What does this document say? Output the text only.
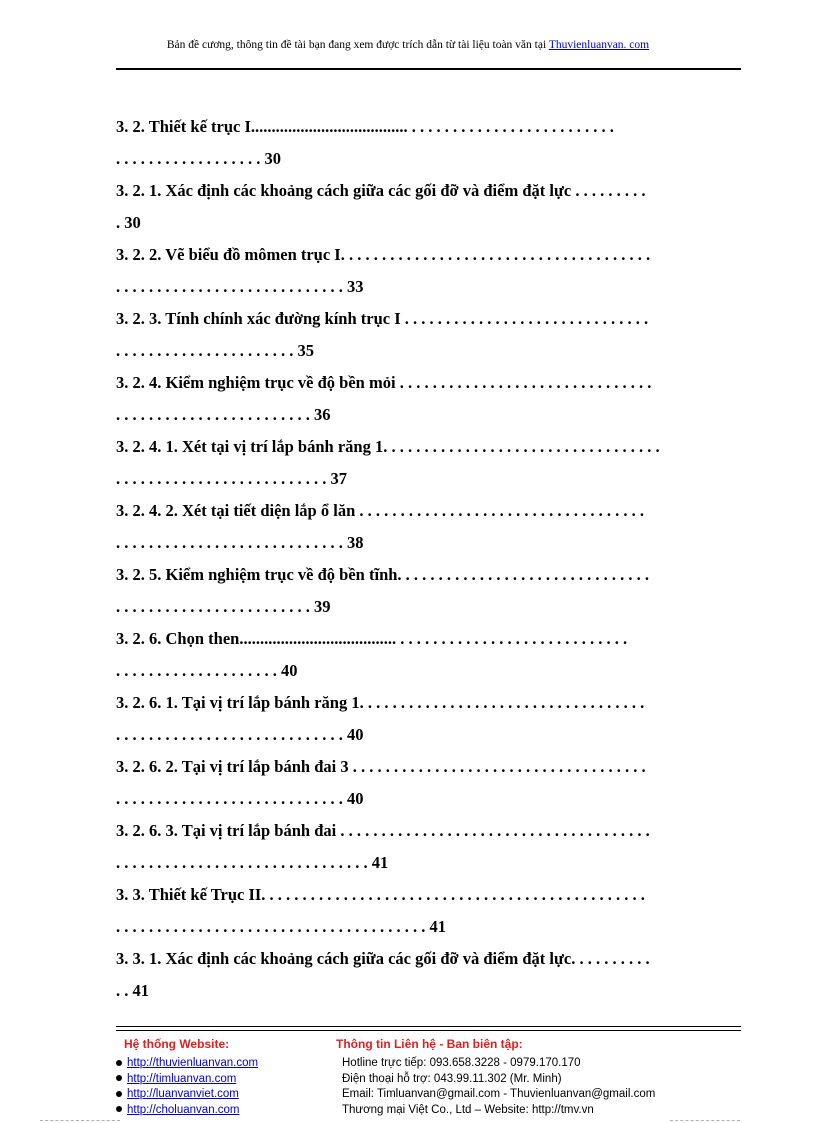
Bản đề cương, thông tin đề tài bạn đang xem được trích dẫn từ tài liệu toàn văn tại Thuvienluanvan. com
3. 2. Thiết kế trục I...................................... . . . . . . . . . . . . . . . . . . . . . . . . .
. . . . . . . . . . . . . . . . . . 30
3. 2. 1. Xác định các khoảng cách giữa các gối đỡ và điểm đặt lực . . . . . . . . .
. 30
3. 2. 2. Vẽ biểu đồ mômen trục I. . . . . . . . . . . . . . . . . . . . . . . . . . . . . . . . . . . . . .
. . . . . . . . . . . . . . . . . . . . . . . . . . . . 33
3. 2. 3. Tính chính xác đường kính trục I . . . . . . . . . . . . . . . . . . . . . . . . . . . . . .
. . . . . . . . . . . . . . . . . . . . . . 35
3. 2. 4. Kiểm nghiệm trục về độ bền mỏi . . . . . . . . . . . . . . . . . . . . . . . . . . . . . . .
. . . . . . . . . . . . . . . . . . . . . . . . 36
3. 2. 4. 1. Xét tại vị trí lắp bánh răng 1. . . . . . . . . . . . . . . . . . . . . . . . . . . . . . . . . .
. . . . . . . . . . . . . . . . . . . . . . . . . . 37
3. 2. 4. 2. Xét tại tiết diện lắp ổ lăn . . . . . . . . . . . . . . . . . . . . . . . . . . . . . . . . . . .
. . . . . . . . . . . . . . . . . . . . . . . . . . . . 38
3. 2. 5. Kiểm nghiệm trục về độ bền tĩnh. . . . . . . . . . . . . . . . . . . . . . . . . . . . . . .
. . . . . . . . . . . . . . . . . . . . . . . . 39
3. 2. 6. Chọn then...................................... . . . . . . . . . . . . . . . . . . . . . . . . . . . .
. . . . . . . . . . . . . . . . . . . . 40
3. 2. 6. 1. Tại vị trí lắp bánh răng 1. . . . . . . . . . . . . . . . . . . . . . . . . . . . . . . . . . .
. . . . . . . . . . . . . . . . . . . . . . . . . . . . 40
3. 2. 6. 2. Tại vị trí lắp bánh đai 3 . . . . . . . . . . . . . . . . . . . . . . . . . . . . . . . . . . . .
. . . . . . . . . . . . . . . . . . . . . . . . . . . . 40
3. 2. 6. 3. Tại vị trí lắp bánh đai . . . . . . . . . . . . . . . . . . . . . . . . . . . . . . . . . . . . . .
. . . . . . . . . . . . . . . . . . . . . . . . . . . . . . . 41
3. 3. Thiết kế Trục II. . . . . . . . . . . . . . . . . . . . . . . . . . . . . . . . . . . . . . . . . . . . . . .
. . . . . . . . . . . . . . . . . . . . . . . . . . . . . . . . . . . . . . 41
3. 3. 1. Xác định các khoảng cách giữa các gối đỡ và điểm đặt lực. . . . . . . . . .
. . 41
Hệ thống Website:
http://thuvienluanvan.com
http://timluanvan.com
http://luanvanviet.com
http://choluanvan.com
Thông tin Liên hệ - Ban biên tập:
Hotline trực tiếp: 093.658.3228 - 0979.170.170
Điện thoại hỗ trợ: 043.99.11.302 (Mr. Minh)
Email: Timluanvan@gmail.com - Thuvienluanvan@gmail.com
Thương mại Việt Co., Ltd – Website: http://tmv.vn
